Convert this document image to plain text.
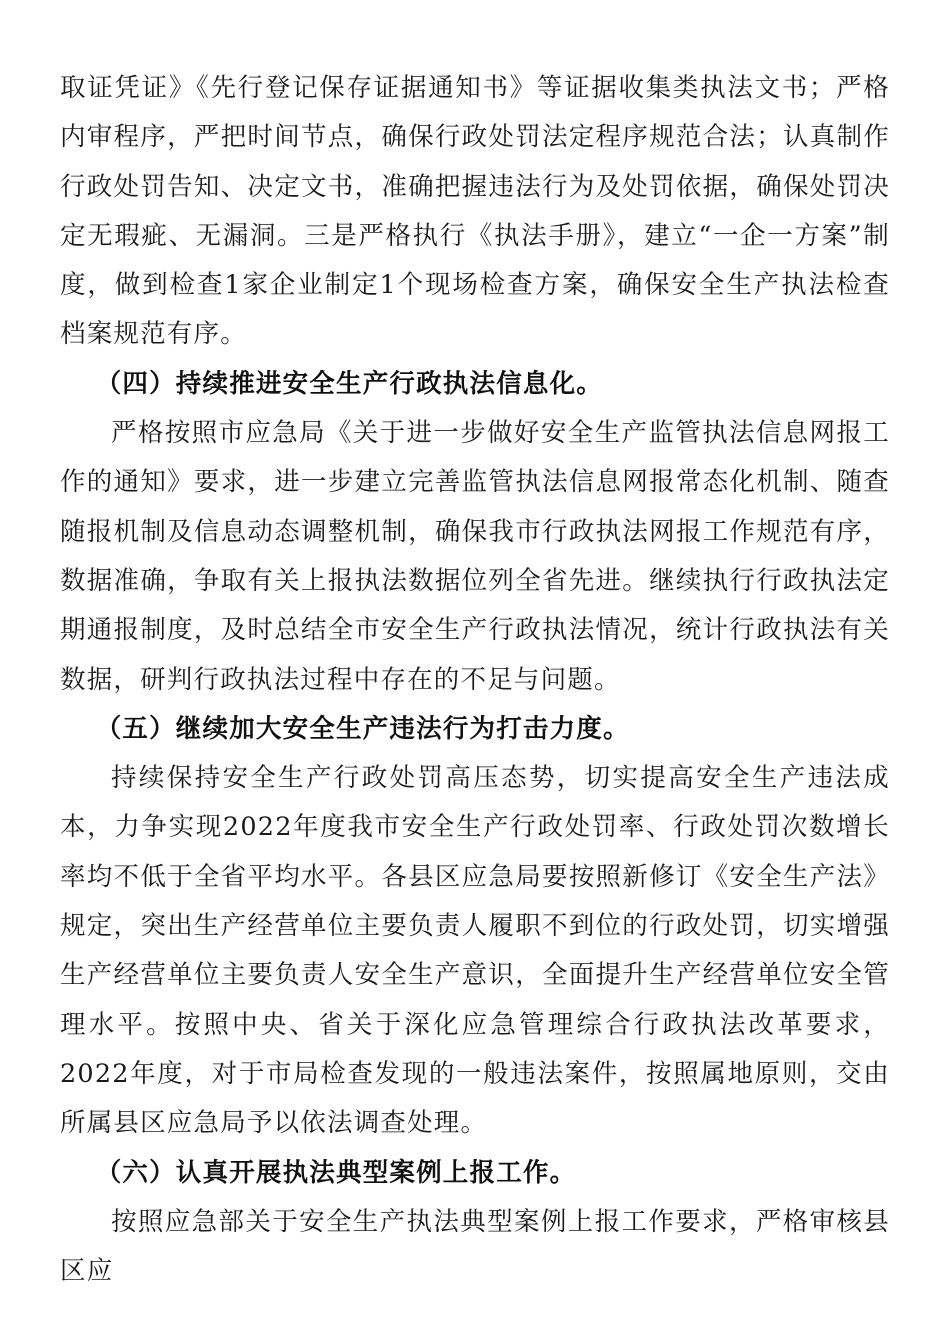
取证凭证》《先行登记保存证据通知书》等证据收集类执法文书；严格内审程序，严把时间节点，确保行政处罚法定程序规范合法；认真制作行政处罚告知、决定文书，准确把握违法行为及处罚依据，确保处罚决定无瑕疵、无漏洞。三是严格执行《执法手册》，建立“一企一方案”制度，做到检查1家企业制定1个现场检查方案，确保安全生产执法检查档案规范有序。

（四）持续推进安全生产行政执法信息化。

严格按照市应急局《关于进一步做好安全生产监管执法信息网报工作的通知》要求，进一步建立完善监管执法信息网报常态化机制、随查随报机制及信息动态调整机制，确保我市行政执法网报工作规范有序，数据准确，争取有关上报执法数据位列全省先进。继续执行行政执法定期通报制度，及时总结全市安全生产行政执法情况，统计行政执法有关数据，研判行政执法过程中存在的不足与问题。

（五）继续加大安全生产违法行为打击力度。

持续保持安全生产行政处罚高压态势，切实提高安全生产违法成本，力争实现2022年度我市安全生产行政处罚率、行政处罚次数增长率均不低于全省平均水平。各县区应急局要按照新修订《安全生产法》规定，突出生产经营单位主要负责人履职不到位的行政处罚，切实增强生产经营单位主要负责人安全生产意识，全面提升生产经营单位安全管理水平。按照中央、省关于深化应急管理综合行政执法改革要求，2022年度，对于市局检查发现的一般违法案件，按照属地原则，交由所属县区应急局予以依法调查处理。

（六）认真开展执法典型案例上报工作。

按照应急部关于安全生产执法典型案例上报工作要求，严格审核县区应
